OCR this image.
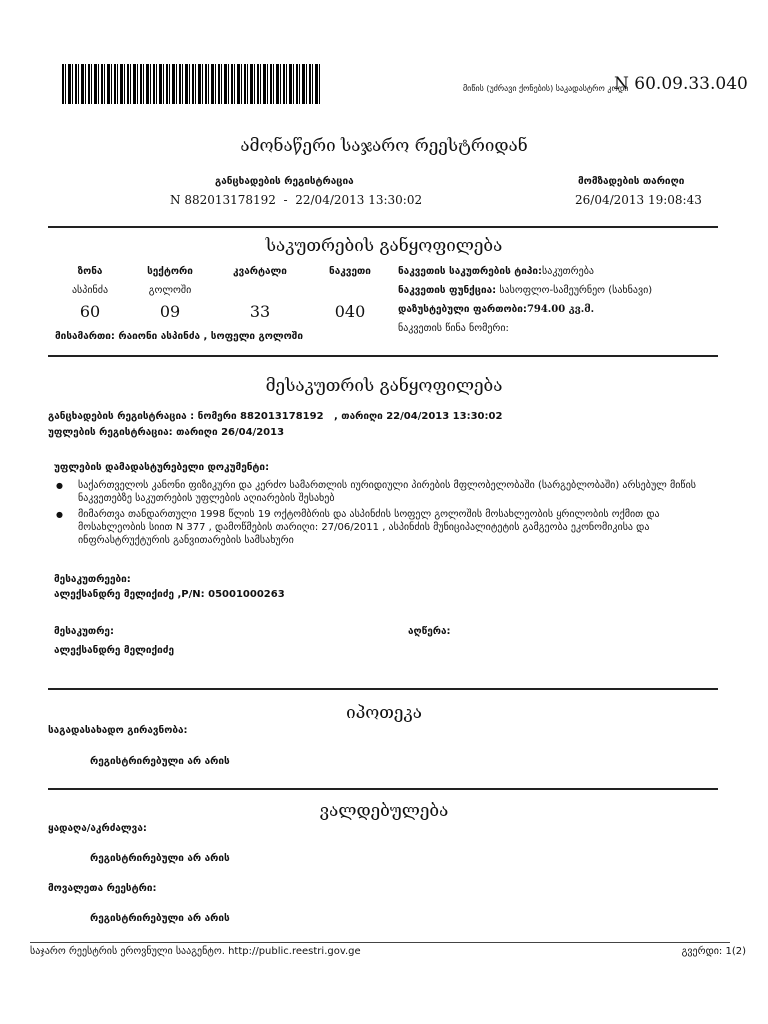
მიწის (უძრავი ქონების) საკადასტრო კოდი
N 60.09.33.040
ამონაწერი საჯარო რეესტრიდან
განცხადების რეგისტრაცია
N 882013178192  -  22/04/2013 13:30:02
მომზადების თარიღი
26/04/2013 19:08:43
საკუთრების განყოფილება
ზონა	სექტორი	კვარტალი	ნაკვეთი
ასპინძა	გოლოში
60	09	33	040
მისამართი: რაიონი ასპინძა , სოფელი გოლოში
ნაკვეთის საკუთრების ტიპი:საკუთრება
ნაკვეთის ფუნქცია: სასოფლო-სამეურნეო (სახნავი)
დაზუსტებული ფართობი:794.00 კვ.მ.
ნაკვეთის წინა ნომერი:
მესაკუთრის განყოფილება
განცხადების რეგისტრაცია : ნომერი 882013178192   , თარიღი 22/04/2013 13:30:02
უფლების რეგისტრაცია: თარიღი 26/04/2013
უფლების დამადასტურებელი დოკუმენტი:
● საქართველოს კანონი ფიზიკური და კერძო სამართლის იურიდიული პირების მფლობელობაში (სარგებლობაში) არსებულ მიწის ნაკვეთებზე საკუთრების უფლების აღიარების შესახებ
● მიმართვა თანდართული 1998 წლის 19 ოქტომბრის და ასპინძის სოფელ გოლოშის მოსახლეობის ყრილობის ოქმით და მოსახლეობის სიით N 377 , დამოწმების თარიღი: 27/06/2011 , ასპინძის მუნიციპალიტეტის გამგეობა ეკონომიკისა და ინფრასტრუქტურის განვითარების სამსახური
მესაკუთრეები:
ალექსანდრე მელიქიძე ,P/N: 05001000263
მესაკუთრე:	აღწერა:
ალექსანდრე მელიქიძე
იპოთეკა
საგადასახადო გირავნობა:
რეგისტრირებული არ არის
ვალდებულება
ყადაღა/აკრძალვა:
რეგისტრირებული არ არის
მოვალეთა რეესტრი:
რეგისტრირებული არ არის
საჯარო რეესტრის ეროვნული სააგენტო. http://public.reestri.gov.ge	გვერდი: 1(2)
